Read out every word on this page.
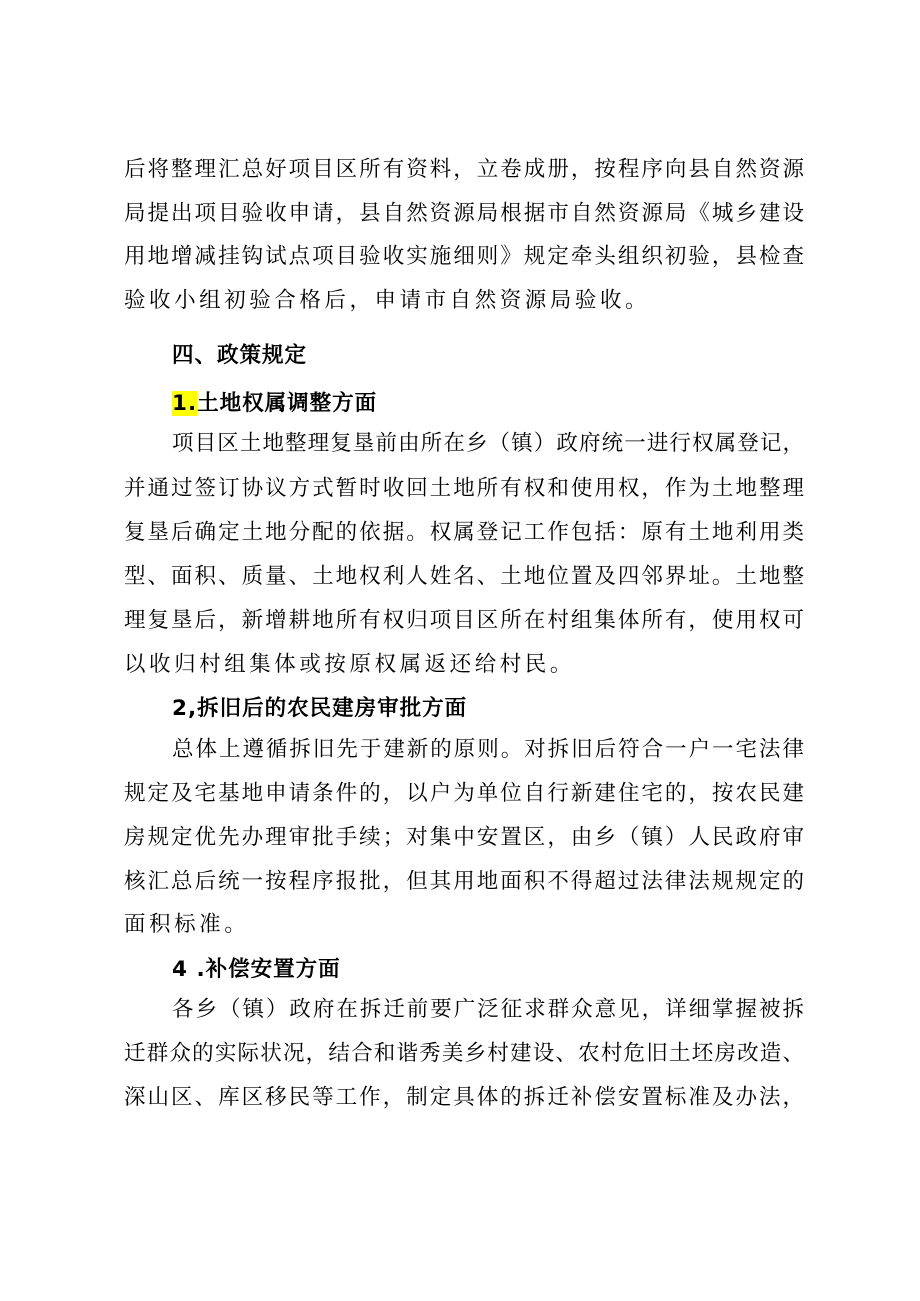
后将整理汇总好项目区所有资料，立卷成册，按程序向县自然资源
局提出项目验收申请，县自然资源局根据市自然资源局《城乡建设
用地增减挂钩试点项目验收实施细则》规定牵头组织初验，县检查
验收小组初验合格后，申请市自然资源局验收。
四、政策规定
1.土地权属调整方面
项目区土地整理复垦前由所在乡（镇）政府统一进行权属登记，
并通过签订协议方式暂时收回土地所有权和使用权，作为土地整理
复垦后确定土地分配的依据。权属登记工作包括：原有土地利用类
型、面积、质量、土地权利人姓名、土地位置及四邻界址。土地整
理复垦后，新增耕地所有权归项目区所在村组集体所有，使用权可
以收归村组集体或按原权属返还给村民。
2,拆旧后的农民建房审批方面
总体上遵循拆旧先于建新的原则。对拆旧后符合一户一宅法律
规定及宅基地申请条件的，以户为单位自行新建住宅的，按农民建
房规定优先办理审批手续；对集中安置区，由乡（镇）人民政府审
核汇总后统一按程序报批，但其用地面积不得超过法律法规规定的
面积标准。
4 .补偿安置方面
各乡（镇）政府在拆迁前要广泛征求群众意见，详细掌握被拆
迁群众的实际状况，结合和谐秀美乡村建设、农村危旧土坯房改造、
深山区、库区移民等工作，制定具体的拆迁补偿安置标准及办法，
